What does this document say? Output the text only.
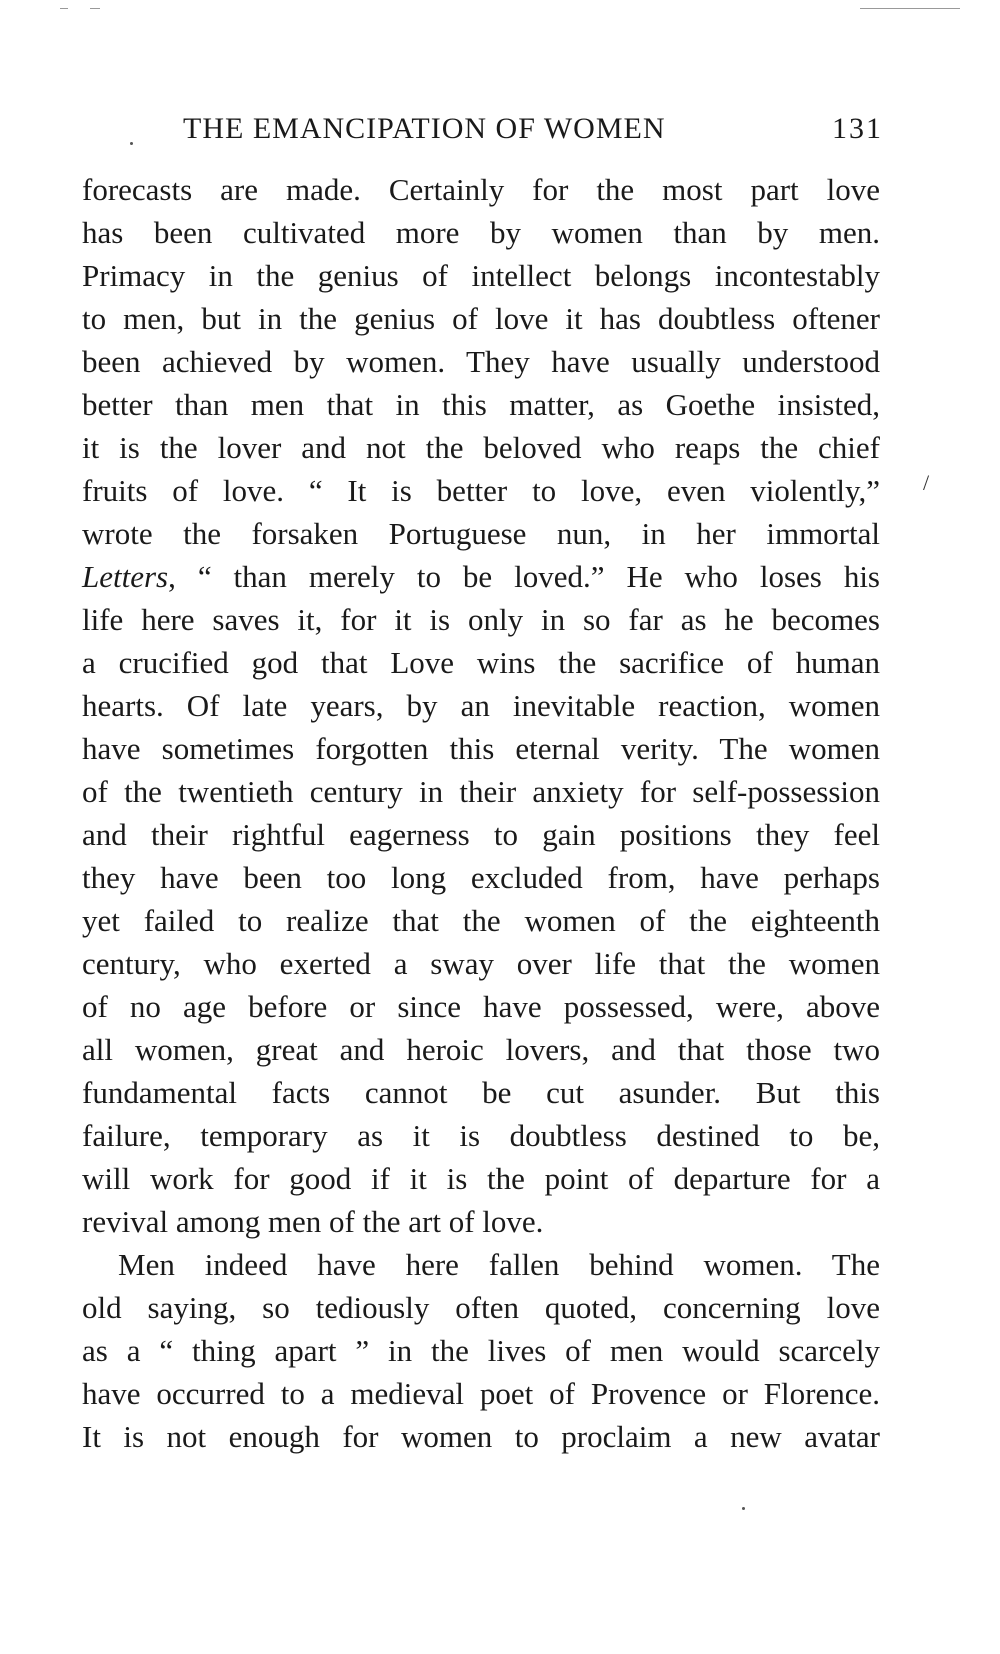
THE EMANCIPATION OF WOMEN	131
/
forecasts are made. Certainly for the most part love
has been cultivated more by women than by men.
Primacy in the genius of intellect belongs incontestably
to men, but in the genius of love it has doubtless oftener
been achieved by women. They have usually understood
better than men that in this matter, as Goethe insisted,
it is the lover and not the beloved who reaps the chief
fruits of love. “ It is better to love, even violently,”
wrote the forsaken Portuguese nun, in her immortal
Letters, “ than merely to be loved.” He who loses his
life here saves it, for it is only in so far as he becomes
a crucified god that Love wins the sacrifice of human
hearts. Of late years, by an inevitable reaction, women
have sometimes forgotten this eternal verity. The women
of the twentieth century in their anxiety for self-possession
and their rightful eagerness to gain positions they feel
they have been too long excluded from, have perhaps
yet failed to realize that the women of the eighteenth
century, who exerted a sway over life that the women
of no age before or since have possessed, were, above
all women, great and heroic lovers, and that those two
fundamental facts cannot be cut asunder. But this
failure, temporary as it is doubtless destined to be,
will work for good if it is the point of departure for a
revival among men of the art of love.
Men indeed have here fallen behind women. The
old saying, so tediously often quoted, concerning love
as a “ thing apart ” in the lives of men would scarcely
have occurred to a medieval poet of Provence or Florence.
It is not enough for women to proclaim a new avatar
